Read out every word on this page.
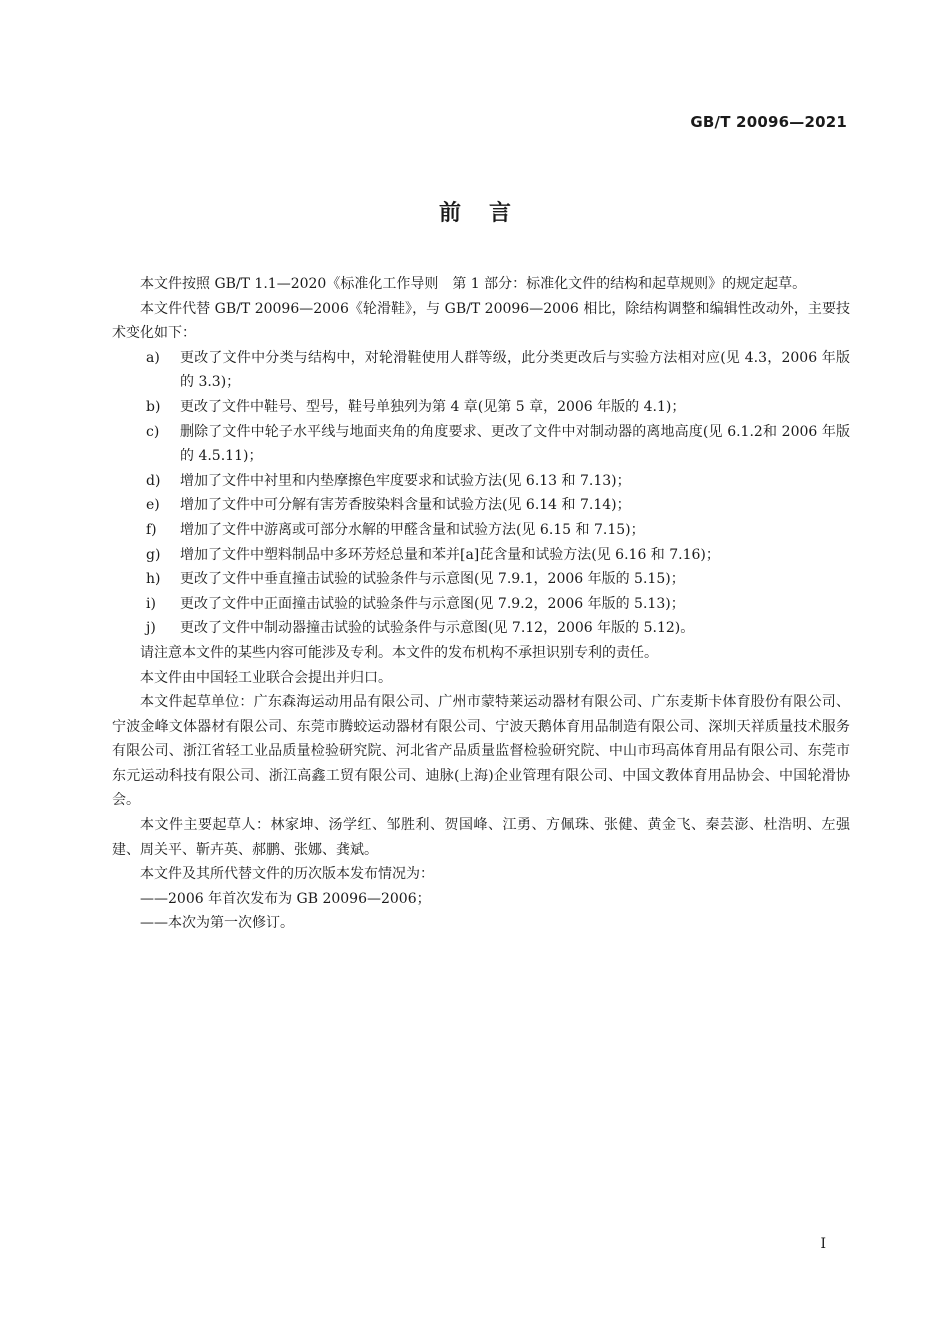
GB/T 20096—2021
前言

本文件按照 GB/T 1.1—2020《标准化工作导则　第 1 部分：标准化文件的结构和起草规则》的规定起草。

本文件代替 GB/T 20096—2006《轮滑鞋》，与 GB/T 20096—2006 相比，除结构调整和编辑性改动外，主要技术变化如下：

a) 更改了文件中分类与结构中，对轮滑鞋使用人群等级，此分类更改后与实验方法相对应(见 4.3，2006 年版的 3.3)；
b) 更改了文件中鞋号、型号，鞋号单独列为第 4 章(见第 5 章，2006 年版的 4.1)；
c) 删除了文件中轮子水平线与地面夹角的角度要求、更改了文件中对制动器的离地高度(见 6.1.2和 2006 年版的 4.5.11)；
d) 增加了文件中衬里和内垫摩擦色牢度要求和试验方法(见 6.13 和 7.13)；
e) 增加了文件中可分解有害芳香胺染料含量和试验方法(见 6.14 和 7.14)；
f) 增加了文件中游离或可部分水解的甲醛含量和试验方法(见 6.15 和 7.15)；
g) 增加了文件中塑料制品中多环芳烃总量和苯并[a]芘含量和试验方法(见 6.16 和 7.16)；
h) 更改了文件中垂直撞击试验的试验条件与示意图(见 7.9.1，2006 年版的 5.15)；
i) 更改了文件中正面撞击试验的试验条件与示意图(见 7.9.2，2006 年版的 5.13)；
j) 更改了文件中制动器撞击试验的试验条件与示意图(见 7.12，2006 年版的 5.12)。

请注意本文件的某些内容可能涉及专利。本文件的发布机构不承担识别专利的责任。

本文件由中国轻工业联合会提出并归口。

本文件起草单位：广东森海运动用品有限公司、广州市蒙特莱运动器材有限公司、广东麦斯卡体育股份有限公司、宁波金峰文体器材有限公司、东莞市腾蛟运动器材有限公司、宁波天鹅体育用品制造有限公司、深圳天祥质量技术服务有限公司、浙江省轻工业品质量检验研究院、河北省产品质量监督检验研究院、中山市玛高体育用品有限公司、东莞市东元运动科技有限公司、浙江高鑫工贸有限公司、迪脉(上海)企业管理有限公司、中国文教体育用品协会、中国轮滑协会。

本文件主要起草人：林家坤、汤学红、邹胜利、贺国峰、江勇、方佩珠、张健、黄金飞、秦芸澎、杜浩明、左强建、周关平、靳卉英、郝鹏、张娜、龚斌。

本文件及其所代替文件的历次版本发布情况为：

——2006 年首次发布为 GB 20096—2006；

——本次为第一次修订。

I
